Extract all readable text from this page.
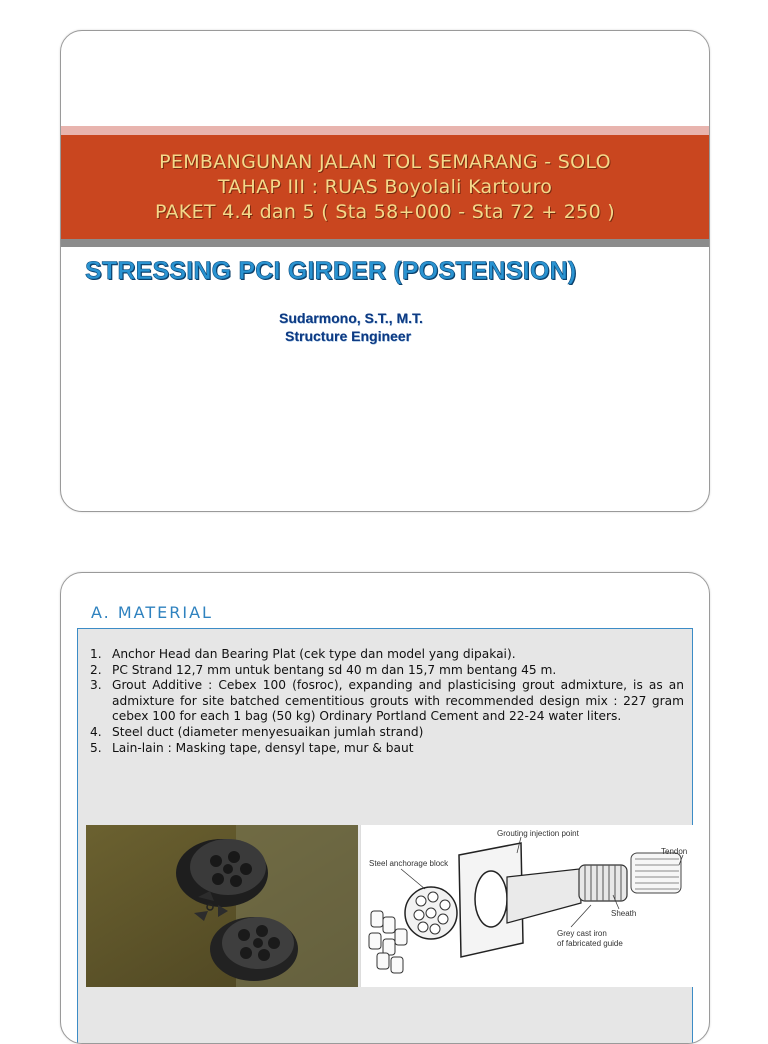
PEMBANGUNAN JALAN TOL SEMARANG - SOLO
TAHAP III : RUAS Boyolali Kartouro
PAKET 4.4 dan 5 ( Sta 58+000 - Sta 72 + 250 )
STRESSING PCI GIRDER (POSTENSION)
Sudarmono, S.T., M.T.
Structure Engineer
A. MATERIAL
1. Anchor Head dan Bearing Plat (cek type dan model yang dipakai).
2. PC Strand 12,7 mm untuk bentang sd 40 m dan 15,7 mm bentang 45 m.
3. Grout Additive : Cebex 100 (fosroc), expanding and plasticising grout admixture, is as an admixture for site batched cementitious grouts with recommended design mix : 227 gram cebex 100 for each 1 bag (50 kg) Ordinary Portland Cement and 22-24 water liters.
4. Steel duct (diameter menyesuaikan jumlah strand)
5. Lain-lain : Masking tape, densyl tape, mur & baut
Grouting injection point
Steel anchorage block
Tendon
Sheath
Grey cast iron
of fabricated guide
